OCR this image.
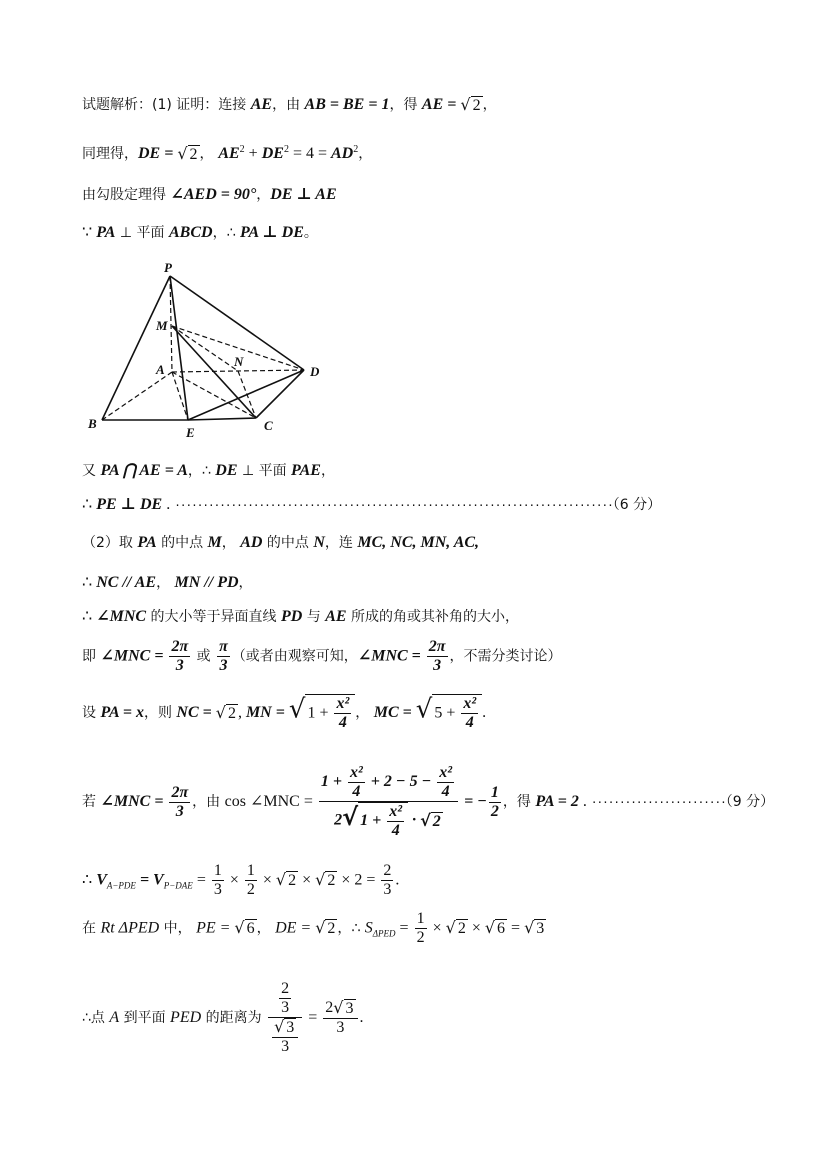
试题解析：(1) 证明：连接 AE，由 AB = BE = 1，得 AE = √ 2 ，
同理得，DE = √ 2 ， $AE^2 + DE^2 = 4 = AD^2$，
由勾股定理得 ∠AED = 90°，DE ⊥ AE
∵ PA ⊥ 平面 ABCD，∴ PA ⊥ DE。
P
M
A
N
D
B
E	C
又 PA ⋂ AE = A，∴ DE ⊥ 平面 PAE，
∴ PE ⊥ DE . ··············································································（6 分）
（2）取 PA 的中点 M， AD 的中点 N，连 MC, NC, MN, AC,
∴ NC // AE， MN // PD，
∴ ∠MNC 的大小等于异面直线 PD 与 AE 所成的角或其补角的大小，
即 ∠MNC = $\frac{2\pi}{3}$ 或 $\frac{\pi}{3}$ （或者由观察可知，∠MNC = $\frac{2\pi}{3}$ ，不需分类讨论）
设 PA = x，则 NC = √ 2 , MN = √ $1 + \frac{\text{x²}}{4}$ ， MC = √ $5 + \frac{\text{x²}}{4}$ .
若 ∠MNC = $\frac{2\pi}{3}$ ，由 cos ∠MNC = $\frac{1 + \frac{\text{x²}}{4} + 2 - 5 - \frac{\text{x²}}{4}}{2√ 1 + \frac{\text{x²}}{4} \cdot √ 2}$ = − $\frac{1}{2}$ ，得 PA = 2 . ························（9 分）
∴ $V_{A-PDE} = V_{P-DAE} = \frac{1}{3} \times \frac{1}{2}$ × √ 2 × √ $2 \times 2 = \frac{2}{3}$ .
在 Rt ΔPED 中， PE = √ 6 ， DE = √ 2 ，∴ $S_{\Delta PED} = \frac{1}{2}$ × √ 2 × √ 6 = √ 3
∴点 A 到平面 PED 的距离为 $\frac{\frac{2}{3}}{\frac{√ 3}{3}} = \frac{2√ 3}{3}$ .
